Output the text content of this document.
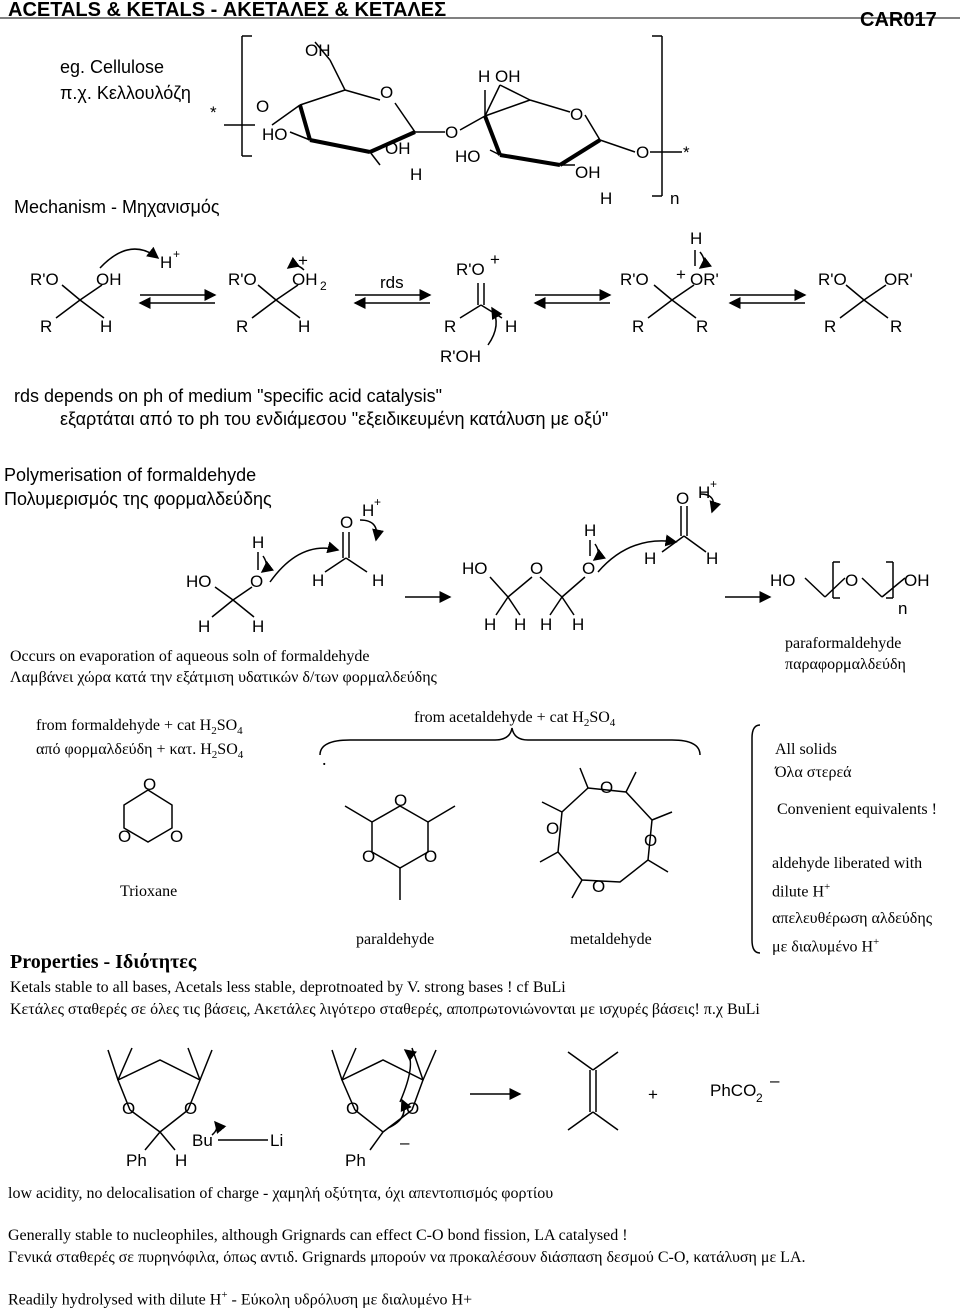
ACETALS & KETALS - ΑΚΕΤΑΛΕΣ & ΚΕΤΑΛΕΣ	CAR017
eg. Cellulose
π.χ. Κελλουλόζη
Mechanism - Μηχανισμός
rds depends on ph of medium "specific acid catalysis"
εξαρτάται από το ph του ενδιάμεσου "εξειδικευμένη κατάλυση με οξύ"
Polymerisation of formaldehyde
Πολυμερισμός της φορμαλδεύδης
Occurs on evaporation of aqueous soln of formaldehyde
Λαμβάνει χώρα κατά την εξάτμιση υδατικών δ/των φορμαλδεύδης
paraformaldehyde
παραφορμαλδεύδη
from formaldehyde + cat $H_2SO_4$
από φορμαλδεύδη + κατ. $H_2SO_4$
from acetaldehyde + cat $H_2SO_4$
.
Trioxane
paraldehyde	metaldehyde
All solids
Όλα στερεά
Convenient equivalents !
aldehyde liberated with
dilute H+
απελευθέρωση αλδεύδης
με διαλυμένο H+
Properties - Ιδιότητες
Ketals stable to all bases, Acetals less stable, deprotnoated by V. strong bases ! cf BuLi
Κετάλες σταθερές σε όλες τις βάσεις, Ακετάλες λιγότερο σταθερές, αποπρωτονιώνονται με ισχυρές βάσεις! π.χ BuLi
low acidity, no delocalisation of charge - χαμηλή οξύτητα, όχι απεντοπισμός φορτίου
Generally stable to nucleophiles, although Grignards can effect C-O bond fission, LA catalysed !
Γενικά σταθερές σε πυρηνόφιλα, όπως αντιδ. Grignards μπορούν να προκαλέσουν διάσπαση δεσμού C-O, κατάλυση με LA.
Readily hydrolysed with dilute H+ - Εύκολη υδρόλυση με διαλυμένο H+
* O
HO
OH
O
OH
H
O
H OH
HO
O
OH
H
O *
n
R'O OH
R	H
H +
R'O
+
OH 2
R	H
rds
R'O
+
R	H
R'OH
H
R'O + OR'
R	R
R'O OR'
R	R
HO O
H
H H
O
H +
H	H
HO	O O
H
H H H H
O H +
H	H
HO	O	OH
n
O
O O
O
O	O
O
O
O
O
O	O
Ph H
Bu	Li
O	O
Ph
–
+	PhCO 2
–
